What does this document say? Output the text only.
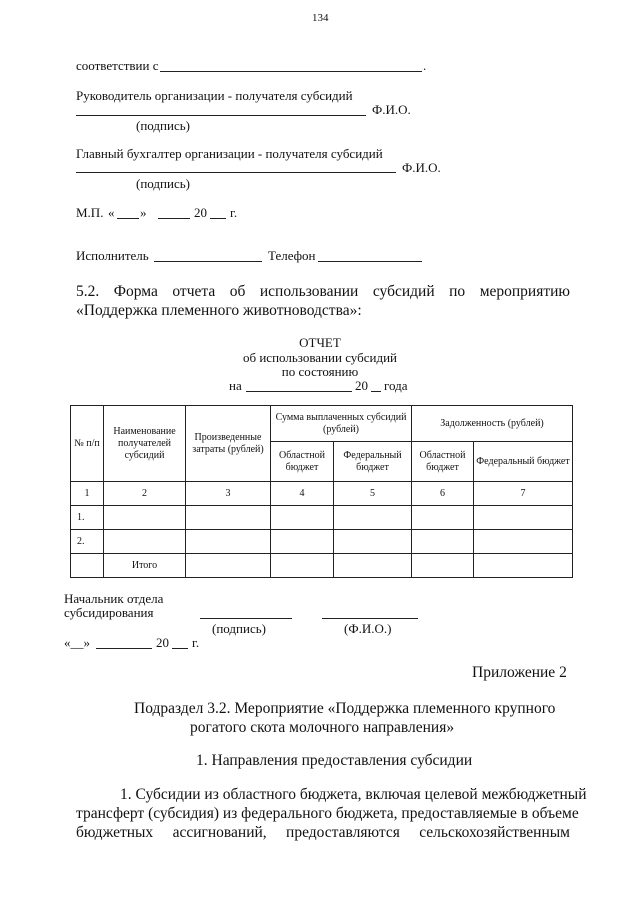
134
соответствии с	.
Руководитель организации - получателя субсидий
Ф.И.О.
(подпись)
Главный бухгалтер организации - получателя субсидий
Ф.И.О.
(подпись)
М.П. « »	20 г.
Исполнитель	Телефон
5.2. Форма отчета об использовании субсидий по мероприятию
«Поддержка племенного животноводства»:
ОТЧЕТ
об использовании субсидий
по состоянию
на	20 года
№ п/п	Наименование получателей субсидий	Произведенные затраты (рублей)	Сумма выплаченных субсидий (рублей)		Задолженность (рублей)	
			Областной бюджет	Федеральный бюджет	Областной бюджет	Федеральный бюджет
1	2	3	4	5	6	7
1.						
2.						
	Итого					
Начальник отдела
субсидирования
(подпись)	(Ф.И.О.)
«__»	20 г.
Приложение 2
Подраздел 3.2. Мероприятие «Поддержка племенного крупного
рогатого скота молочного направления»
1. Направления предоставления субсидии
1. Субсидии из областного бюджета, включая целевой межбюджетный
трансферт (субсидия) из федерального бюджета, предоставляемые в объеме
бюджетных ассигнований, предоставляются сельскохозяйственным
